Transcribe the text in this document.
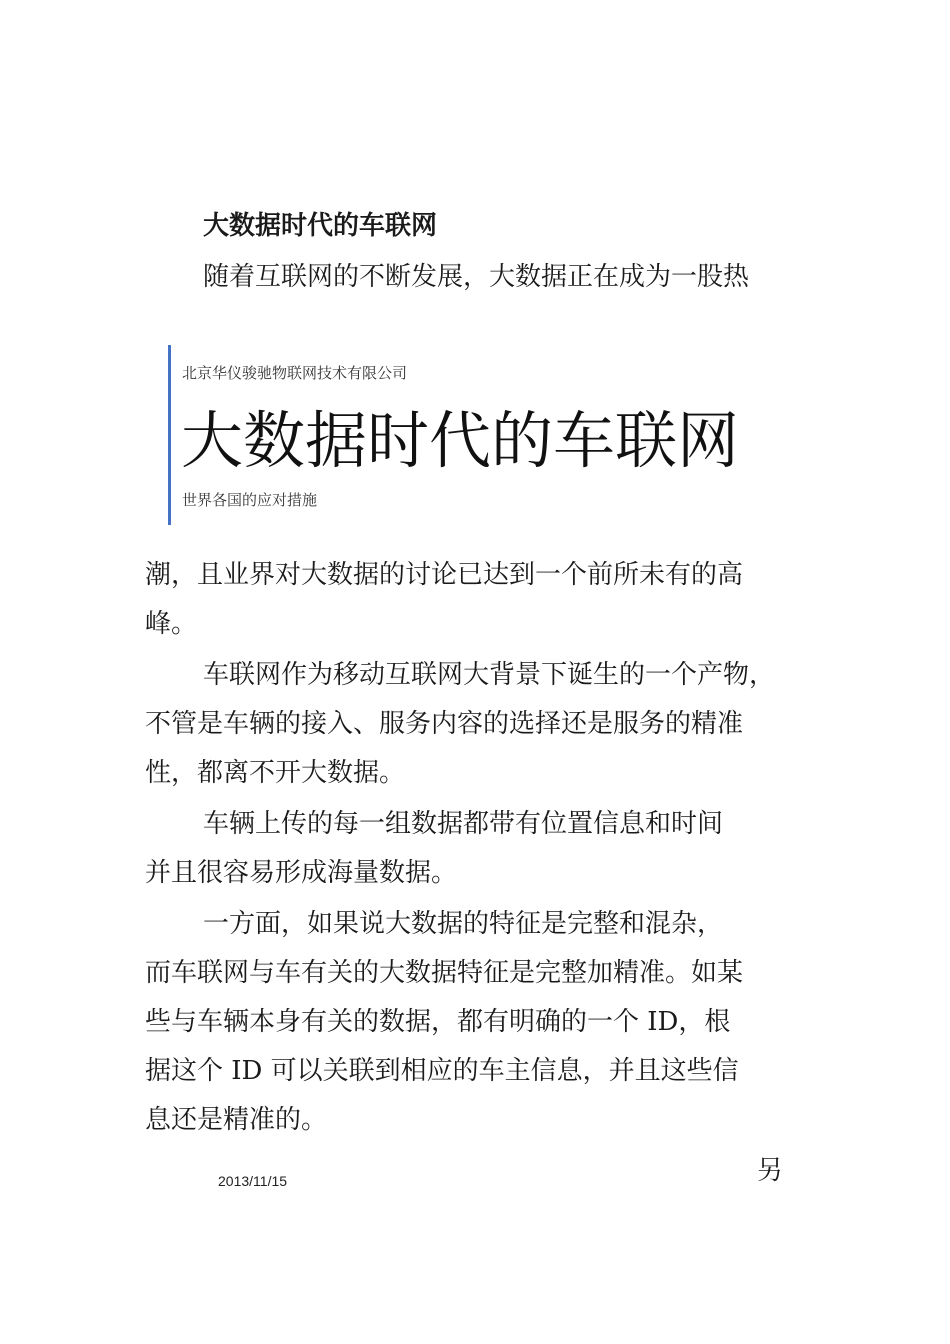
大数据时代的车联网

随着互联网的不断发展，大数据正在成为一股热

北京华仪骏驰物联网技术有限公司
大数据时代的车联网
世界各国的应对措施

潮，且业界对大数据的讨论已达到一个前所未有的高

峰。

车联网作为移动互联网大背景下诞生的一个产物，

不管是车辆的接入、服务内容的选择还是服务的精准

性，都离不开大数据。

车辆上传的每一组数据都带有位置信息和时间

并且很容易形成海量数据。

一方面，如果说大数据的特征是完整和混杂，

而车联网与车有关的大数据特征是完整加精准。如某

些与车辆本身有关的数据，都有明确的一个 ID，根

据这个 ID 可以关联到相应的车主信息，并且这些信

息还是精准的。

2013/11/15	另
